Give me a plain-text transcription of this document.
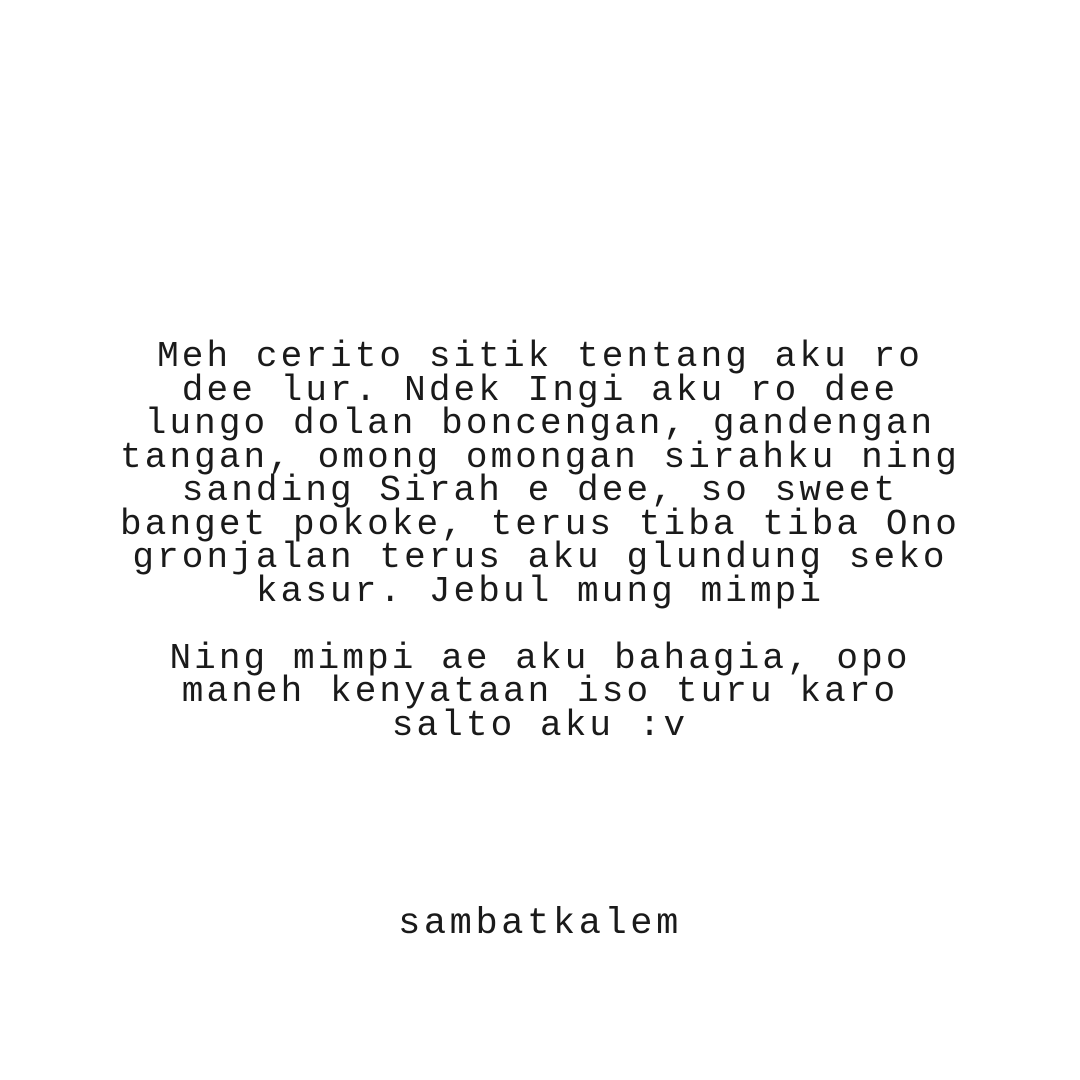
Meh cerito sitik tentang aku ro
dee lur. Ndek Ingi aku ro dee
lungo dolan boncengan, gandengan
tangan, omong omongan sirahku ning
sanding Sirah e dee, so sweet
banget pokoke, terus tiba tiba Ono
gronjalan terus aku glundung seko
kasur. Jebul mung mimpi
Ning mimpi ae aku bahagia, opo
maneh kenyataan iso turu karo
salto aku :v
sambatkalem
